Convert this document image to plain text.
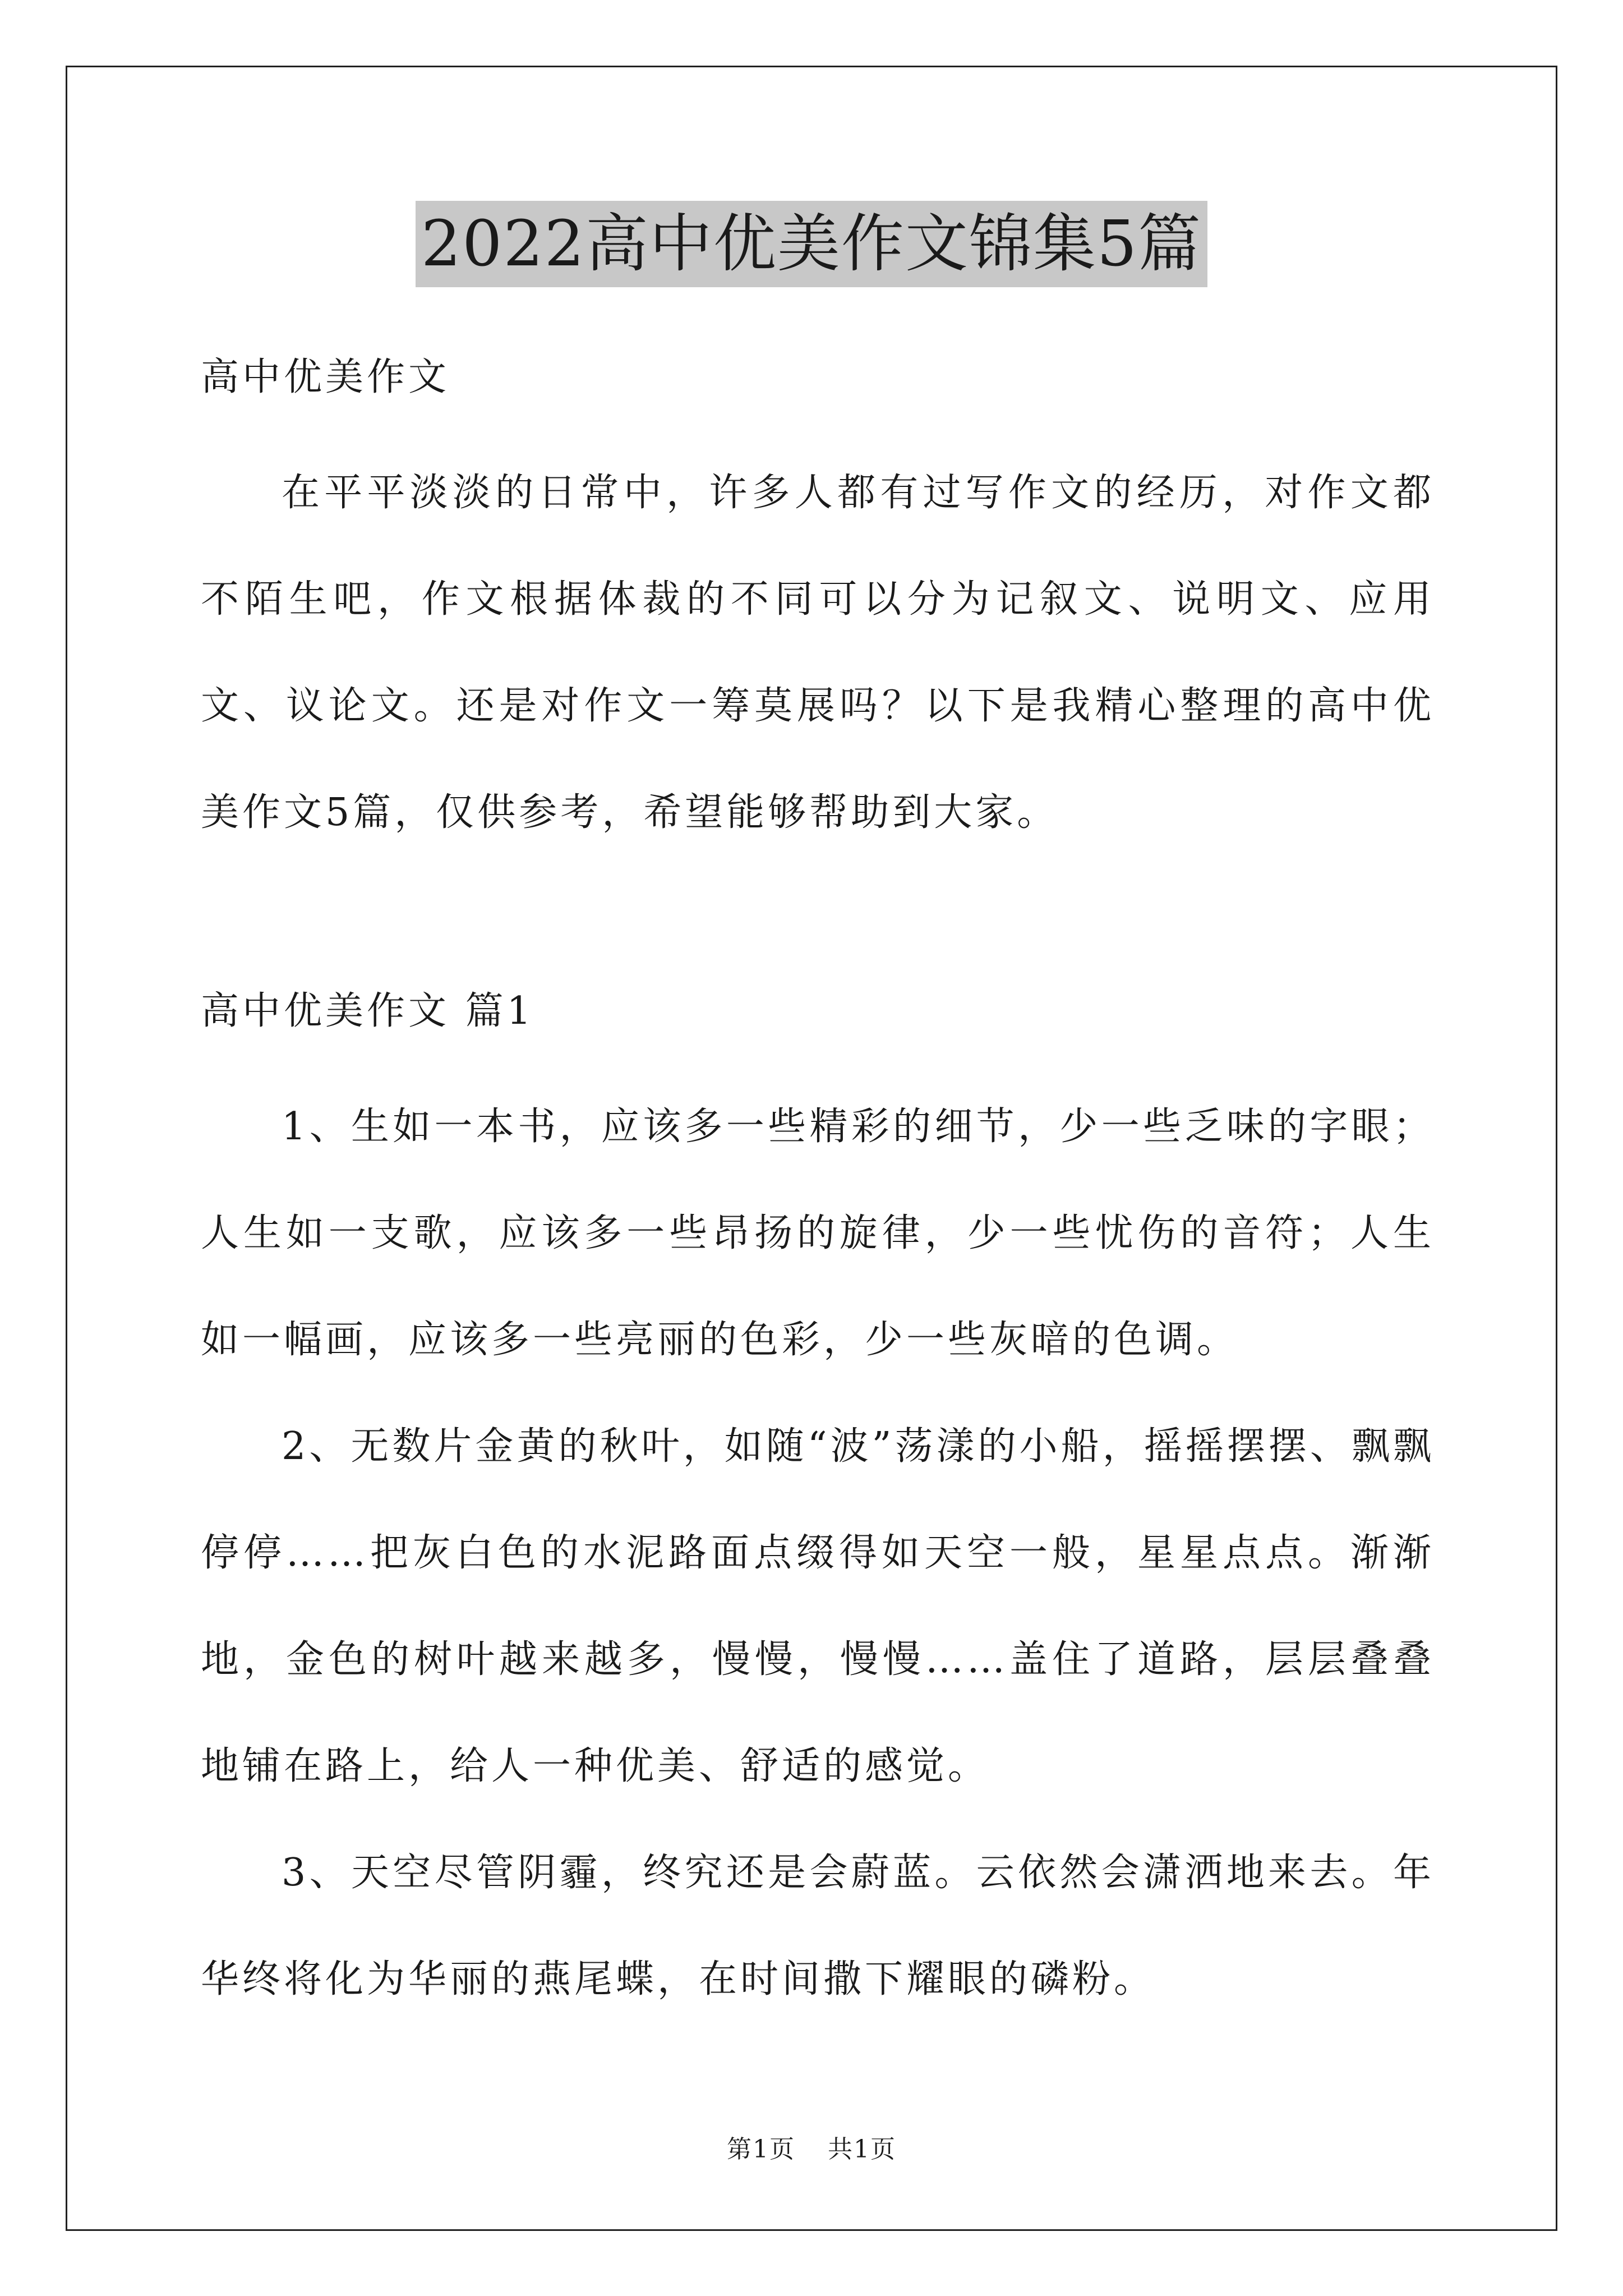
2022高中优美作文锦集5篇

高中优美作文

在平平淡淡的日常中，许多人都有过写作文的经历，对作文都不陌生吧，作文根据体裁的不同可以分为记叙文、说明文、应用文、议论文。还是对作文一筹莫展吗？以下是我精心整理的高中优美作文5篇，仅供参考，希望能够帮助到大家。

高中优美作文 篇1

1、生如一本书，应该多一些精彩的细节，少一些乏味的字眼；人生如一支歌，应该多一些昂扬的旋律，少一些忧伤的音符；人生如一幅画，应该多一些亮丽的色彩，少一些灰暗的色调。

2、无数片金黄的秋叶，如随“波”荡漾的小船，摇摇摆摆、飘飘停停……把灰白色的水泥路面点缀得如天空一般，星星点点。渐渐地，金色的树叶越来越多，慢慢，慢慢……盖住了道路，层层叠叠地铺在路上，给人一种优美、舒适的感觉。

3、天空尽管阴霾，终究还是会蔚蓝。云依然会潇洒地来去。年华终将化为华丽的燕尾蝶，在时间撒下耀眼的磷粉。

第1页 共1页
